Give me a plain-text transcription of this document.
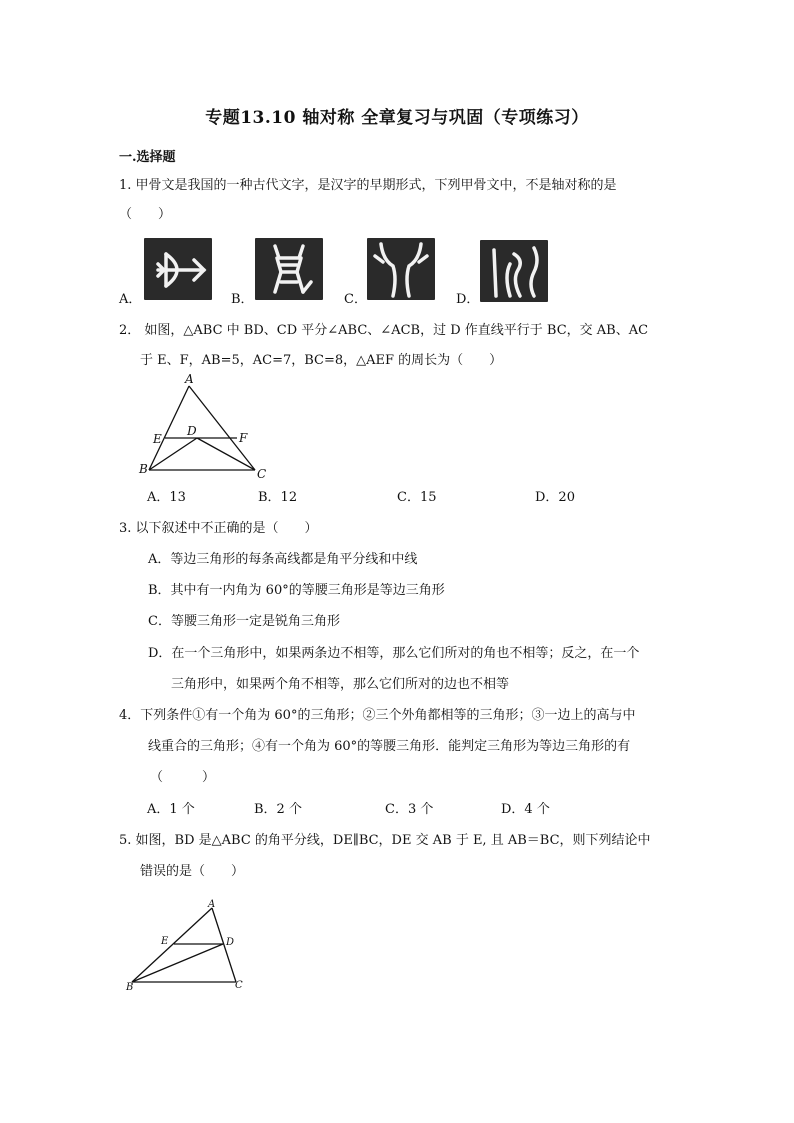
专题13.10 轴对称 全章复习与巩固（专项练习）
一.选择题
1. 甲骨文是我国的一种古代文字，是汉字的早期形式，下列甲骨文中，不是轴对称的是
（　　）
A．	B．	C．	D．
2． 如图，△ABC 中 BD、CD 平分∠ABC、∠ACB，过 D 作直线平行于 BC，交 AB、AC
于 E、F，AB=5，AC=7，BC=8，△AEF 的周长为（　　）
A
E
D	F
B	C
A．13	B．12	C．15	D．20
3. 以下叙述中不正确的是（　　）
A．等边三角形的每条高线都是角平分线和中线
B．其中有一内角为 60°的等腰三角形是等边三角形
C．等腰三角形一定是锐角三角形
D．在一个三角形中，如果两条边不相等，那么它们所对的角也不相等；反之，在一个
三角形中，如果两个角不相等，那么它们所对的边也不相等
4．下列条件①有一个角为 60°的三角形；②三个外角都相等的三角形；③一边上的高与中
线重合的三角形；④有一个角为 60°的等腰三角形．能判定三角形为等边三角形的有
（　　　）
A．1 个	B．2 个	C．3 个	D．4 个
5. 如图，BD 是△ABC 的角平分线，DE∥BC，DE 交 AB 于 E, 且 AB＝BC，则下列结论中
错误的是（　　）
A
E	D
B	C
